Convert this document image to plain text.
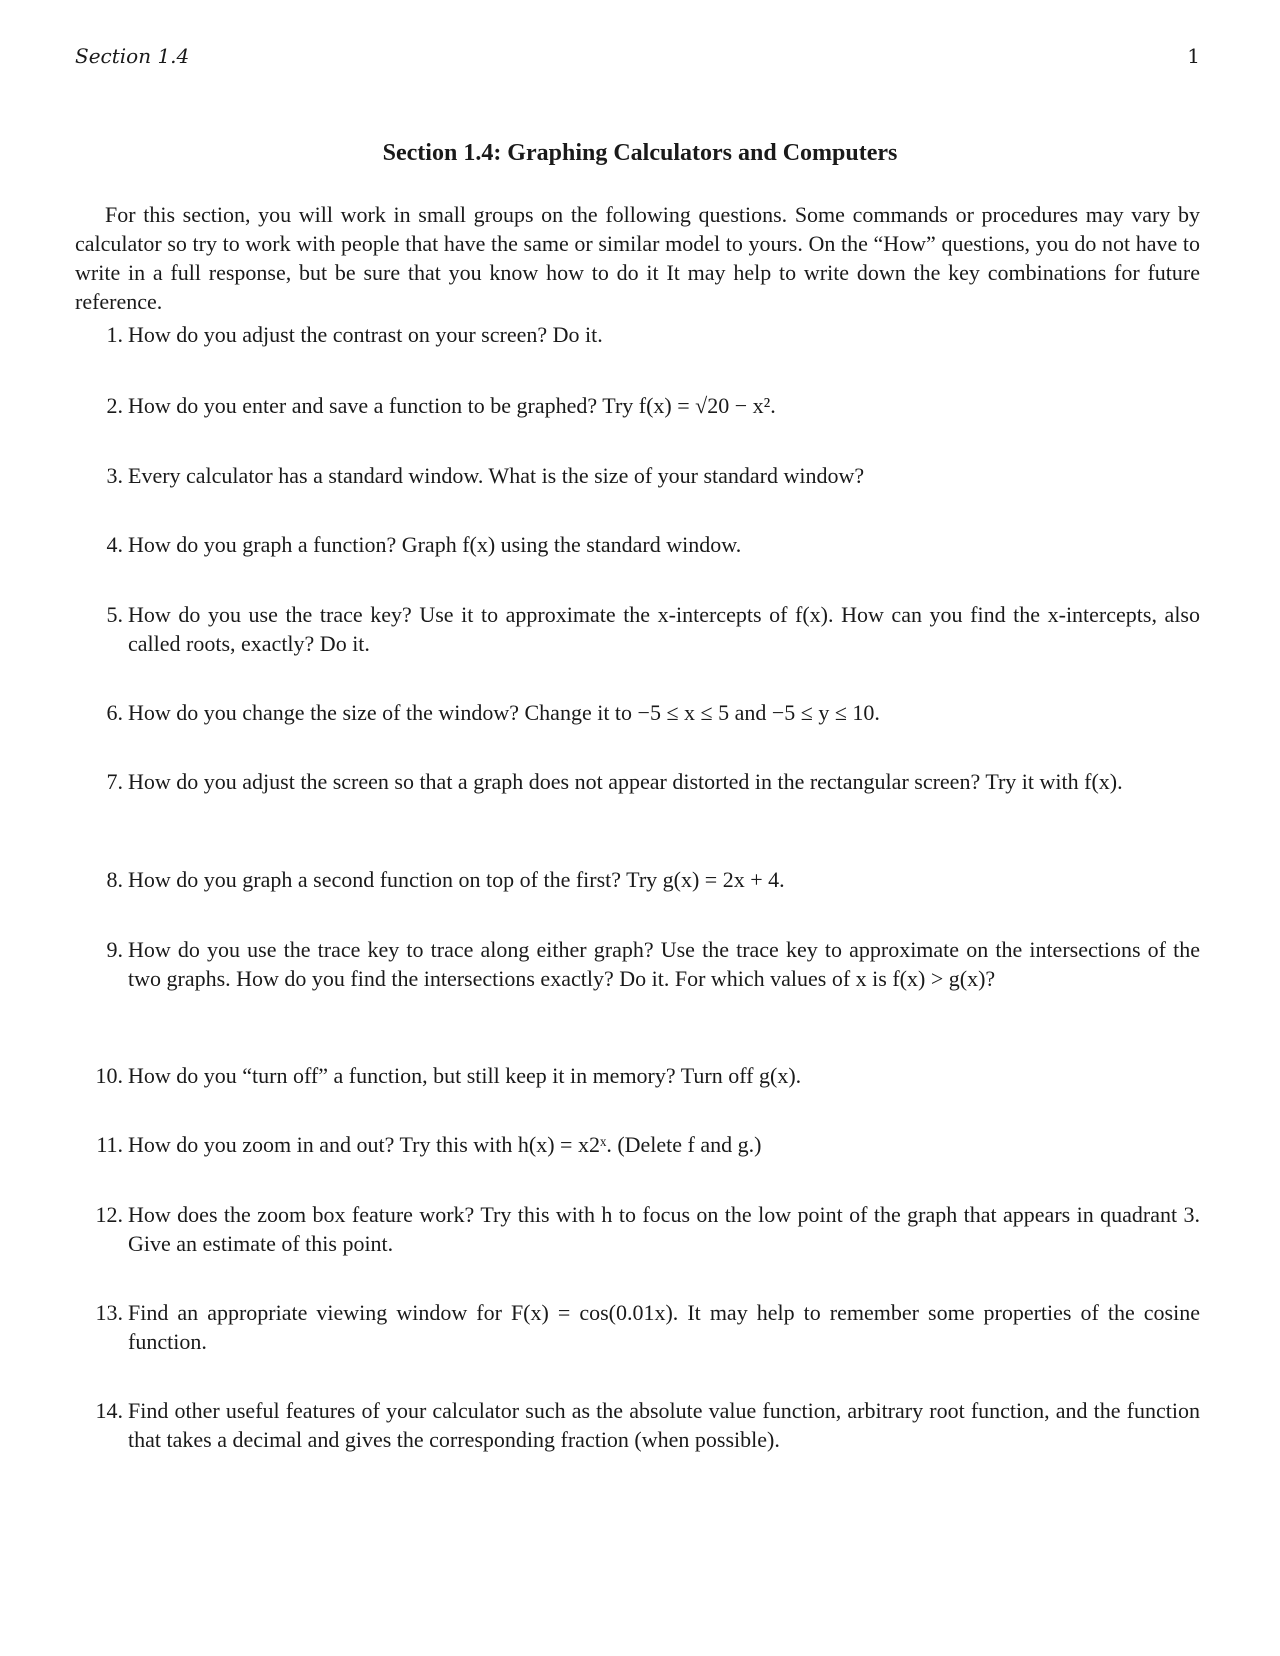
Section 1.4	1
Section 1.4: Graphing Calculators and Computers
For this section, you will work in small groups on the following questions. Some commands or procedures may vary by calculator so try to work with people that have the same or similar model to yours. On the “How” questions, you do not have to write in a full response, but be sure that you know how to do it It may help to write down the key combinations for future reference.
1. How do you adjust the contrast on your screen? Do it.
2. How do you enter and save a function to be graphed? Try f(x) = √20 − x².
3. Every calculator has a standard window. What is the size of your standard window?
4. How do you graph a function? Graph f(x) using the standard window.
5. How do you use the trace key? Use it to approximate the x-intercepts of f(x). How can you find the x-intercepts, also called roots, exactly? Do it.
6. How do you change the size of the window? Change it to −5 ≤ x ≤ 5 and −5 ≤ y ≤ 10.
7. How do you adjust the screen so that a graph does not appear distorted in the rectangular screen? Try it with f(x).
8. How do you graph a second function on top of the first? Try g(x) = 2x + 4.
9. How do you use the trace key to trace along either graph? Use the trace key to approximate on the intersections of the two graphs. How do you find the intersections exactly? Do it. For which values of x is f(x) > g(x)?
10. How do you “turn off” a function, but still keep it in memory? Turn off g(x).
11. How do you zoom in and out? Try this with h(x) = x2ˣ. (Delete f and g.)
12. How does the zoom box feature work? Try this with h to focus on the low point of the graph that appears in quadrant 3. Give an estimate of this point.
13. Find an appropriate viewing window for F(x) = cos(0.01x). It may help to remember some properties of the cosine function.
14. Find other useful features of your calculator such as the absolute value function, arbitrary root function, and the function that takes a decimal and gives the corresponding fraction (when possible).
